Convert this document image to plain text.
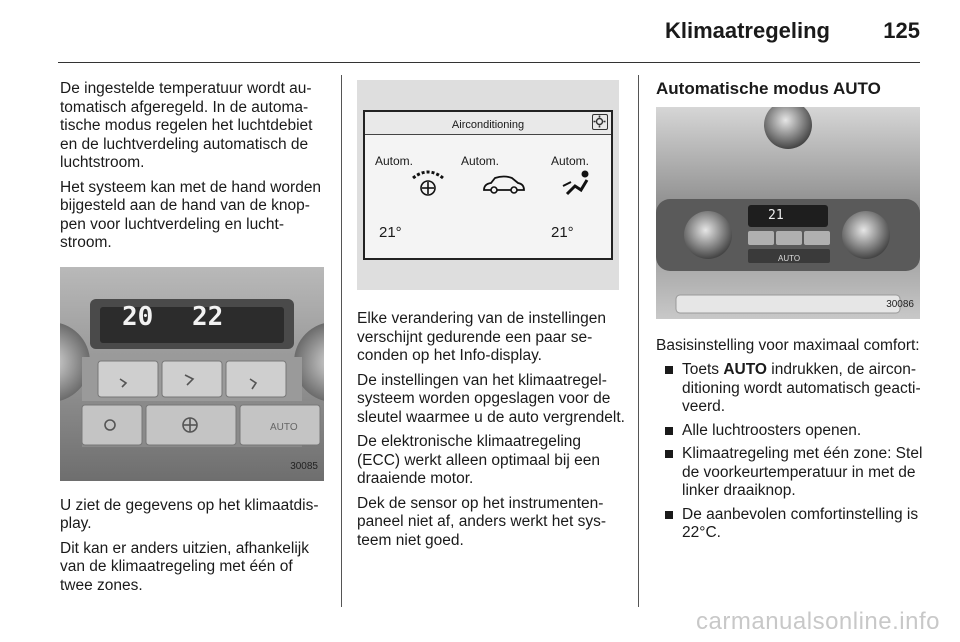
Klimaatregeling 125

De ingestelde temperatuur wordt automatisch afgeregeld. In de automatische modus regelen het luchtdebiet en de luchtverdeling automatisch de luchtstroom.

Het systeem kan met de hand worden bijgesteld aan de hand van de knoppen voor luchtverdeling en luchtstroom.

20 22
AUTO
30085

U ziet de gegevens op het klimaatdisplay.

Dit kan er anders uitzien, afhankelijk van de klimaatregeling met één of twee zones.

Airconditioning
Autom.	Autom.	Autom.
21°	21°

Elke verandering van de instellingen verschijnt gedurende een paar seconden op het Info-display.

De instellingen van het klimaatregelsysteem worden opgeslagen voor de sleutel waarmee u de auto vergrendelt.

De elektronische klimaatregeling (ECC) werkt alleen optimaal bij een draaiende motor.

Dek de sensor op het instrumentenpaneel niet af, anders werkt het systeem niet goed.

Automatische modus AUTO

21
AUTO
30086

Basisinstelling voor maximaal comfort:

Toets AUTO indrukken, de airconditioning wordt automatisch geactiveerd.
Alle luchtroosters openen.
Klimaatregeling met één zone: Stel de voorkeurtemperatuur in met de linker draaiknop.
De aanbevolen comfortinstelling is 22°C.
carmanualsonline.info
